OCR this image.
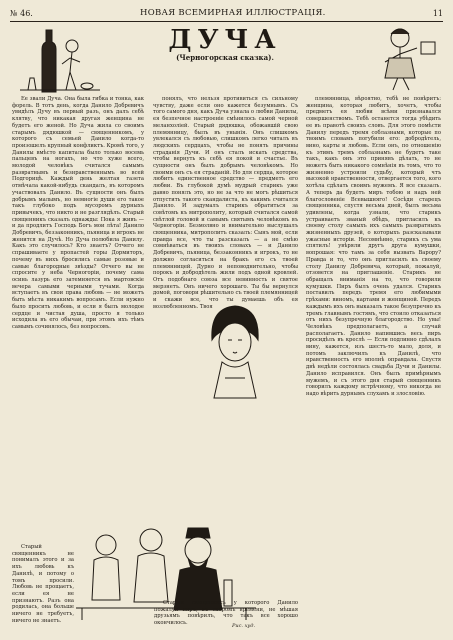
№ 46.	НОВАЯ ВСЕМИРНАЯ ИЛЛЮСТРАЦІЯ.	11
ДУЧА
(Черногорская сказка).

Ее звали Дуча. Она была гибка и тонка, как форель. В тотъ день, когда Данило Добревичъ увидѣлъ Дучу въ первый разъ, онъ далъ себѣ клятву, что никакая другая женщина не будетъ его женой. Но Дуча жила со своимъ старымъ дядюшкой — священникомъ, у которого съ семьей Данило когда-то произошелъ крупный конфликтъ. Кромѣ того, у Данилы вмѣсто капитала было только восемь пальцевъ на ногахъ, но что хуже всего, молодой человѣкъ считался самымъ развратнымъ и безнравственнымъ во всей Подгорицѣ. Каждый день желтая газета отмѣчала какой-нибудь скандалъ, въ которомъ участвовалъ Данило. Въ сущности онъ былъ добрымъ малымъ, но немногіе души его такое такъ глубоко подъ мусоромъ дурныхъ привычекъ, что никто и не разглядѣлъ. Старый священникъ сказалъ однажды: Пока я живъ — и да продлитъ Господь Богъ мои лѣта! Данило Добревичъ, беззаконникъ, пьяница и игрокъ не женится на Дучѣ. Но Дуча полюбила Данилу. Какъ это случилось? Кто знаетъ? Отчего не спрашиваете у пропастей горы Дормиторъ, почему въ нихъ бросились самые розовые и самые благородные звѣзды? Отчего вы не спросите у неба Черногоріи, почему сама осинь лазурь его затемняется въ мартовскіе вечера самыми черными тучами. Когда вступаетъ въ свои права любовь — не можетъ быть мѣста никакимъ вопросамъ. Если нужно было просить любовь, и если я былъ молодое сердце и чистая душа, просто я только исходила въ его обычаи, при этомъ ихъ тѣмъ самымъ сочинялось, без вопросовъ.

Старый священникъ не понималъ этого и за ихъ любовь къ Данилѣ, и потому о томъ просили. Любовь не прощаетъ, если ея не признаютъ. Разъ она родилась, она больше ничего не требуетъ, ничего не знаетъ.

понялъ, что нельзя противиться съ сильному чувству, даже если оно кажется безумнымъ. Съ того самого дня, какъ Дуча узнала о любви Данилы, ея безпечное настроеніе смѣнилось самой черной меланхоліей. Старый дядюшка, обожавшій свою племянницу, былъ въ унынія. Онъ слишкомъ увлекался съ любовью, слишкомъ легко читалъ въ людскихъ сердцахъ, чтобы не понять причины страданія Дучи. И онъ сталъ искать средства, чтобы вернуть къ себѣ ея покой и счастье. Въ сущности онъ былъ добрымъ человѣкомъ. Но своими онъ съ ея страданій. Но для сердца, которое любитъ единственное средство — предметъ его любви. Въ глубокой думѣ мудрый старикъ уже давно понялъ это, но не за что не могъ рѣшиться отпустить такого скандалиста, къ какимъ считался Данило. И задумалъ старикъ обратиться за совѣтомъ къ митрополиту, который считался самой свѣтлой головой и самымъ святымъ человѣкомъ въ Черногоріи. Безмолвно и внимательно выслушалъ священника, митрополитъ сказалъ: Сынъ мой, если правда все, что ты разсказалъ — а не смѣю сомнѣваться въ твоихъ словахъ — и Данило Добревичъ, пьяница, беззаконникъ и игрокъ, то не должно согласиться на бракъ его съ твоей племянницей. Дурно и неповоднительно, чтобы порокъ и добродѣтель жили подъ одной кровлей. Отъ подобнаго союза все невинность и святое мерзнетъ. Онъ ничего хорошаго. Ты бы вернулся домой, поговори рѣшительно съ твоей племянницей и скажи все, что ты думаешь объ ея возлюбленномъ. Твоя

Старый священникъ у которого Данило пожалуй пиръ, въ скоромъ времени, не мѣшая друзьямъ повѣрилъ, что такъ все хорошо окончилось.

племянница, вѣроятно, тебѣ не повѣритъ: женщина, которая любитъ, хочетъ, чтобы предметъ ея любви всѣми признавался совершенствомъ. Тебѣ останется тогда убѣдить ее въ правотѣ своихъ словъ. Для этого помѣсти Данилу передъ тремя соблазнами, которые по твоимъ словамъ погубили его: добродѣтель, вино, карты и любовь. Если онъ, по отношенію къ этимъ тремъ соблазнамъ не будетъ таке такъ, какъ онъ это принявъ дѣлать, то не можетъ быть никакого сомнѣнія въ томъ, что то жизненно устроили судьбу, который чтъ высокой нравственности, отвергается того, кого хотѣла сдѣлать своимъ мужемъ. Я все сказалъ. А теперь да будетъ миръ тобою и надъ ней благословеніе Всевышняго! Сосѣди старецъ священника, спустя весьма дней, былъ весьма удивлены, когда узнали, что старикъ устраиваетъ званый обѣдъ, пригласилъ къ своему столу самыхъ ихъ самыхъ развратныхъ жизненныхъ друзей, о которыхъ разсказывали ужасные исторіи. Несомнѣнно, старикъ съ ума спятилъ! увѣряли другъ друга кумушки, вопрошая: что тамъ за себя вызвать Варору? Правда и то, что онъ пригласилъ къ своему столу Данилу Добревича, который, пожалуй, отзовется на приглашеніе. Старикъ не обращалъ вниманія на то, что говорили кумушки. Пиръ былъ очень удался. Старикъ поставилъ передъ тремя его любимыми грѣхами: виномъ, картами и женщиной. Передъ каждымъ ихъ онъ выказалъ такое безупречно къ тремъ главнымъ гостямъ, что стоило отказаться отъ нихъ безупречную благородство. Но увы! Человѣкъ предполагаетъ, а случай располагаетъ. Данило напившись весь пиръ просидѣлъ въ креслѣ — Если подлинно сдѣлалъ вину, кажется, изъ шестъ-то мало, доля, и потомъ заключилъ къ Данилѣ, что нравственность его вполнѣ оправдала. Спустя двѣ недѣли состоялась свадьба Дучи и Данилы. Данило исправился. Онъ былъ примѣрнымъ мужемъ, и съ этого дня старый священникъ говорилъ каждому встрѣчному, что никогда не надо вѣрить дурнымъ слухамъ и злословію.

Рис. худ.
